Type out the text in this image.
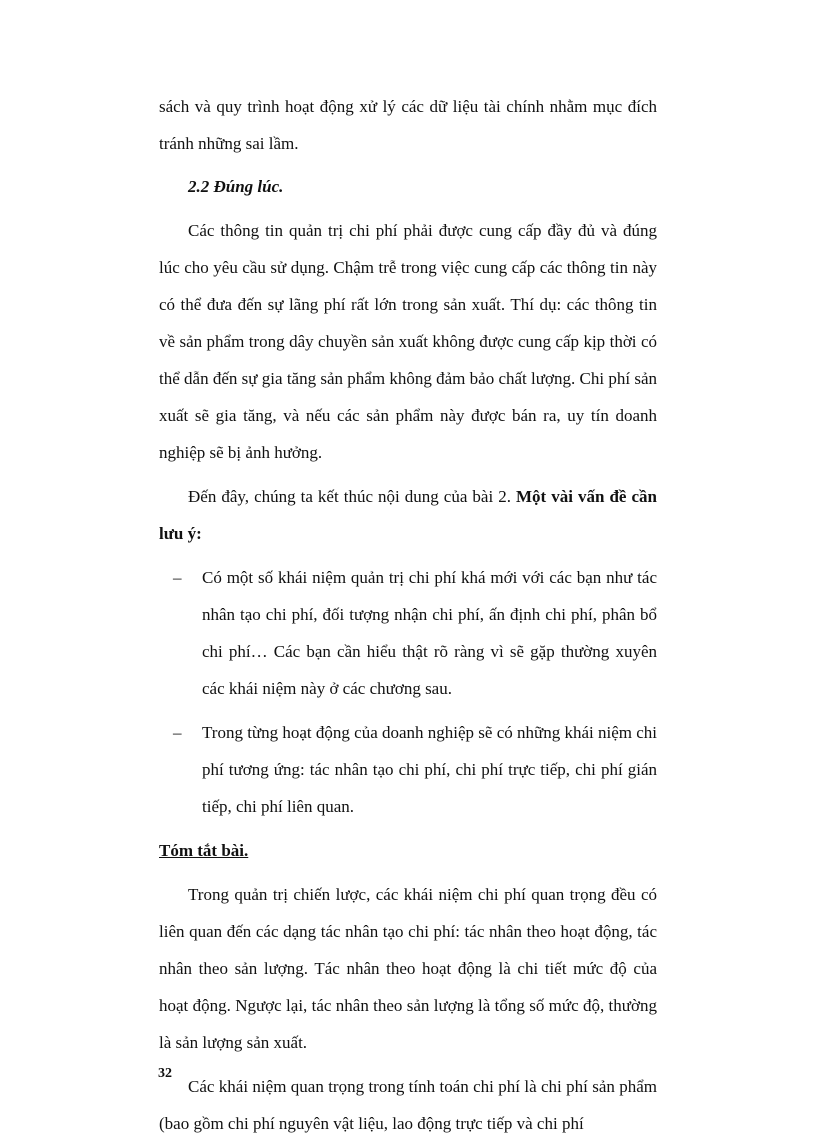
sách và quy trình hoạt động xử lý các dữ liệu tài chính nhằm mục đích tránh những sai lầm.

2.2 Đúng lúc.

Các thông tin quản trị chi phí phải được cung cấp đầy đủ và đúng lúc cho yêu cầu sử dụng. Chậm trễ trong việc cung cấp các thông tin này có thể đưa đến sự lãng phí rất lớn trong sản xuất. Thí dụ: các thông tin về sản phẩm trong dây chuyền sản xuất không được cung cấp kịp thời có thể dẫn đến sự gia tăng sản phẩm không đảm bảo chất lượng. Chi phí sản xuất sẽ gia tăng, và nếu các sản phẩm này được bán ra, uy tín doanh nghiệp sẽ bị ảnh hưởng.

Đến đây, chúng ta kết thúc nội dung của bài 2. Một vài vấn đề cần lưu ý:

– Có một số khái niệm quản trị chi phí khá mới với các bạn như tác nhân tạo chi phí, đối tượng nhận chi phí, ấn định chi phí, phân bổ chi phí… Các bạn cần hiểu thật rõ ràng vì sẽ gặp thường xuyên các khái niệm này ở các chương sau.
– Trong từng hoạt động của doanh nghiệp sẽ có những khái niệm chi phí tương ứng: tác nhân tạo chi phí, chi phí trực tiếp, chi phí gián tiếp, chi phí liên quan.

Tóm tắt bài.

Trong quản trị chiến lược, các khái niệm chi phí quan trọng đều có liên quan đến các dạng tác nhân tạo chi phí: tác nhân theo hoạt động, tác nhân theo sản lượng. Tác nhân theo hoạt động là chi tiết mức độ của hoạt động. Ngược lại, tác nhân theo sản lượng là tổng số mức độ, thường là sản lượng sản xuất.

Các khái niệm quan trọng trong tính toán chi phí là chi phí sản phẩm (bao gồm chi phí nguyên vật liệu, lao động trực tiếp và chi phí

32
